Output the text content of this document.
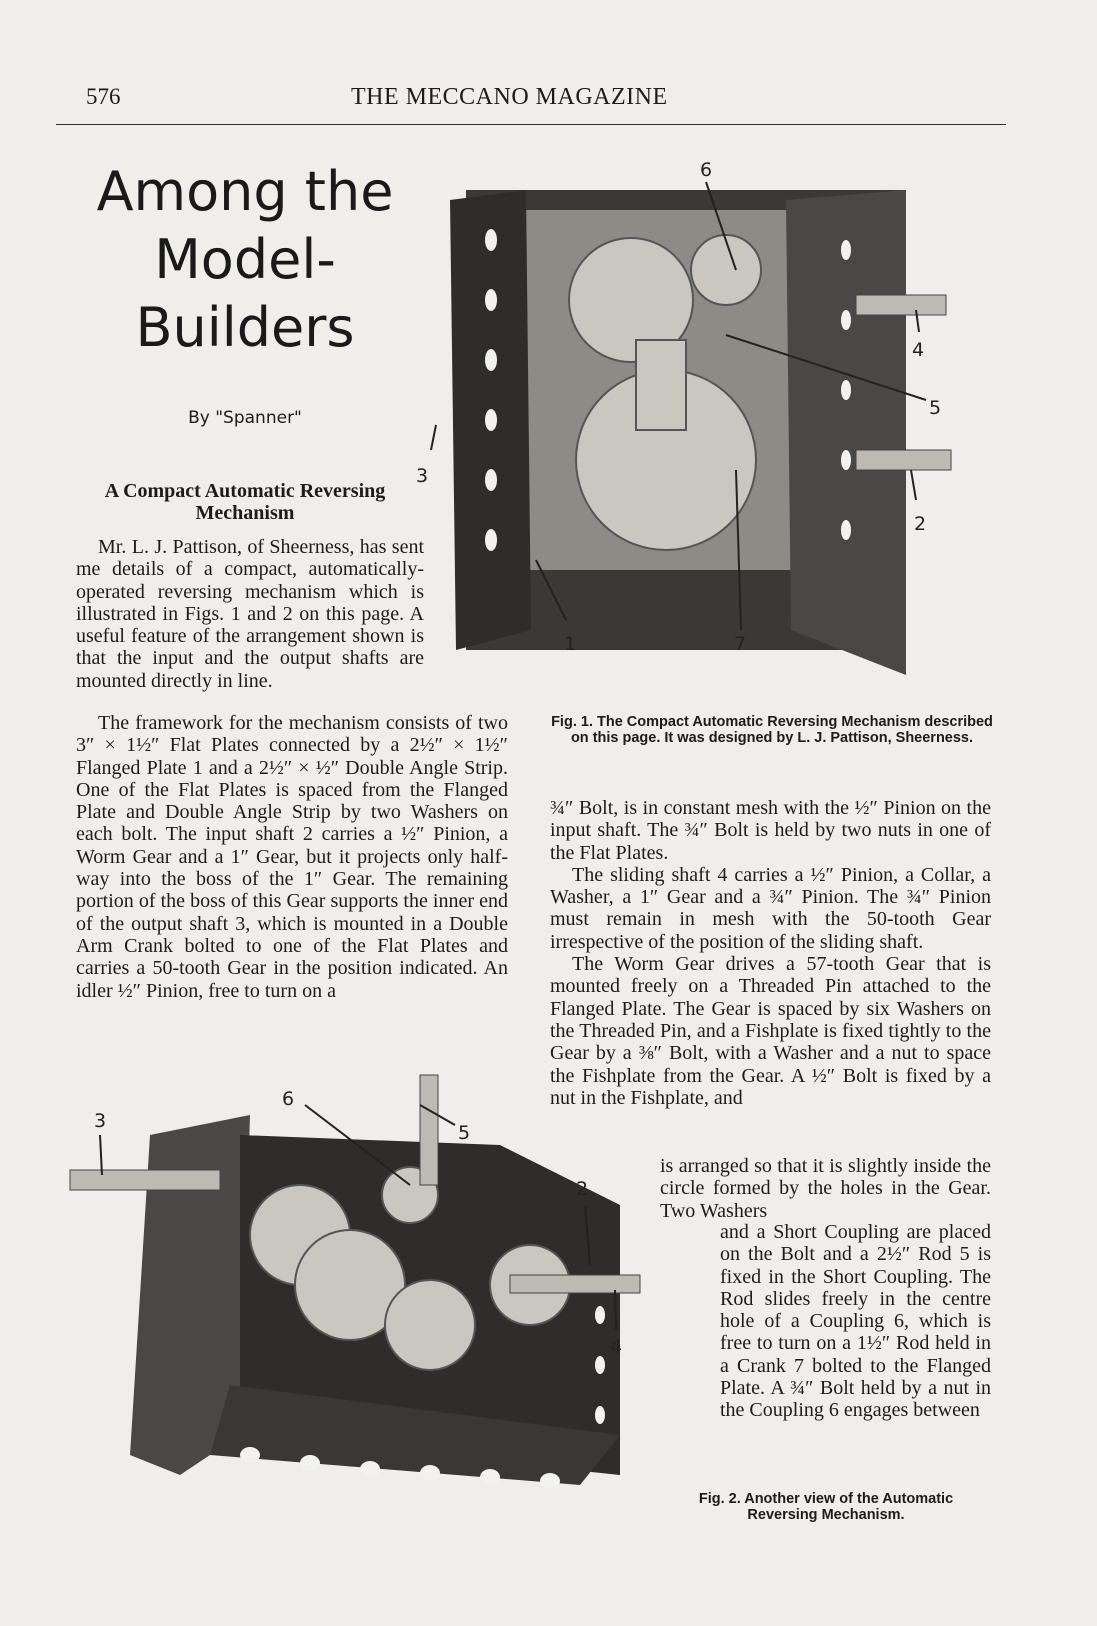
576	THE MECCANO MAGAZINE
Among the
Model-
Builders
By "Spanner"
A Compact Automatic Reversing Mechanism

Mr. L. J. Pattison, of Sheerness, has sent me details of a compact, automatically-operated reversing mechanism which is illustrated in Figs. 1 and 2 on this page. A useful feature of the arrangement shown is that the input and the output shafts are mounted directly in line.

The framework for the mechanism consists of two 3″ × 1½″ Flat Plates connected by a 2½″ × 1½″ Flanged Plate 1 and a 2½″ × ½″ Double Angle Strip. One of the Flat Plates is spaced from the Flanged Plate and Double Angle Strip by two Washers on each bolt. The input shaft 2 carries a ½″ Pinion, a Worm Gear and a 1″ Gear, but it projects only half-way into the boss of the 1″ Gear. The remaining portion of the boss of this Gear supports the inner end of the output shaft 3, which is mounted in a Double Arm Crank bolted to one of the Flat Plates and carries a 50-tooth Gear in the position indicated. An idler ½″ Pinion, free to turn on a

¾″ Bolt, is in constant mesh with the ½″ Pinion on the input shaft. The ¾″ Bolt is held by two nuts in one of the Flat Plates.

The sliding shaft 4 carries a ½″ Pinion, a Collar, a Washer, a 1″ Gear and a ¾″ Pinion. The ¾″ Pinion must remain in mesh with the 50-tooth Gear irrespective of the position of the sliding shaft.

The Worm Gear drives a 57-tooth Gear that is mounted freely on a Threaded Pin attached to the Flanged Plate. The Gear is spaced by six Washers on the Threaded Pin, and a Fishplate is fixed tightly to the Gear by a ⅜″ Bolt, with a Washer and a nut to space the Fishplate from the Gear. A ½″ Bolt is fixed by a nut in the Fishplate, and

is arranged so that it is slightly inside the circle formed by the holes in the Gear. Two Washers

and a Short Coupling are placed on the Bolt and a 2½″ Rod 5 is fixed in the Short Coupling. The Rod slides freely in the centre hole of a Coupling 6, which is free to turn on a 1½″ Rod held in a Crank 7 bolted to the Flanged Plate. A ¾″ Bolt held by a nut in the Coupling 6 engages between

6
4
5
3
2
1	7
Fig. 1. The Compact Automatic Reversing Mechanism described on this page. It was designed by L. J. Pattison, Sheerness.
3
6
5
2
4
Fig. 2. Another view of the Automatic Reversing Mechanism.
